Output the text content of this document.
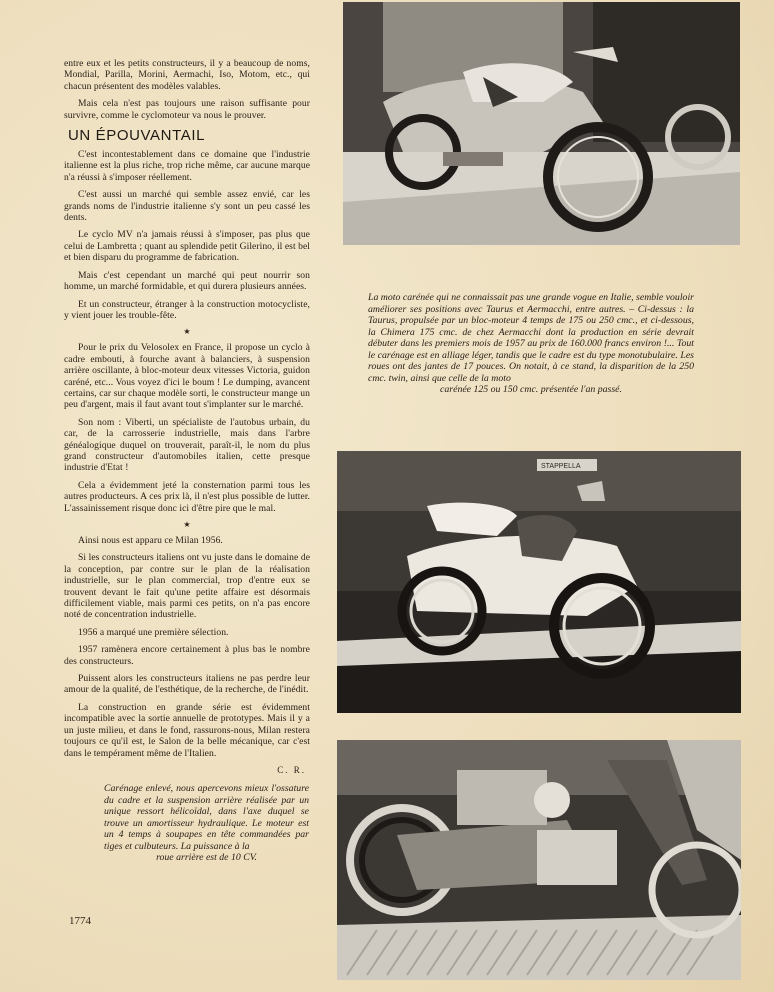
entre eux et les petits constructeurs, il y a beaucoup de noms, Mondial, Parilla, Morini, Aermachi, Iso, Motom, etc., qui chacun présentent des modèles valables.

Mais cela n'est pas toujours une raison suffisante pour survivre, comme le cyclomoteur va nous le prouver.

UN ÉPOUVANTAIL

C'est incontestablement dans ce domaine que l'industrie italienne est la plus riche, trop riche même, car aucune marque n'a réussi à s'imposer réellement.

C'est aussi un marché qui semble assez envié, car les grands noms de l'industrie italienne s'y sont un peu cassé les dents.

Le cyclo MV n'a jamais réussi à s'imposer, pas plus que celui de Lambretta ; quant au splendide petit Gilerino, il est bel et bien disparu du programme de fabrication.

Mais c'est cependant un marché qui peut nourrir son homme, un marché formidable, et qui durera plusieurs années.

Et un constructeur, étranger à la construction motocycliste, y vient jouer les trouble-fête.

★

Pour le prix du Velosolex en France, il propose un cyclo à cadre embouti, à fourche avant à balanciers, à suspension arrière oscillante, à bloc-moteur deux vitesses Victoria, guidon caréné, etc... Vous voyez d'ici le boum ! Le dumping, avancent certains, car sur chaque modèle sorti, le constructeur mange un peu d'argent, mais il faut avant tout s'implanter sur le marché.

Son nom : Viberti, un spécialiste de l'autobus urbain, du car, de la carrosserie industrielle, mais dans l'arbre généalogique duquel on trouverait, paraît-il, le nom du plus grand constructeur d'automobiles italien, cette presque industrie d'Etat !

Cela a évidemment jeté la consternation parmi tous les autres producteurs. A ces prix là, il n'est plus possible de lutter. L'assainissement risque donc ici d'être pire que le mal.

★

Ainsi nous est apparu ce Milan 1956.

Si les constructeurs italiens ont vu juste dans le domaine de la conception, par contre sur le plan de la réalisation industrielle, sur le plan commercial, trop d'entre eux se trouvent devant le fait qu'une petite affaire est désormais difficilement viable, mais parmi ces petits, on n'a pas encore noté de concentration industrielle.

1956 a marqué une première sélection.

1957 ramènera encore certainement à plus bas le nombre des constructeurs.

Puissent alors les constructeurs italiens ne pas perdre leur amour de la qualité, de l'esthétique, de la recherche, de l'inédit.

La construction en grande série est évidemment incompatible avec la sortie annuelle de prototypes. Mais il y a un juste milieu, et dans le fond, rassurons-nous, Milan restera toujours ce qu'il est, le Salon de la belle mécanique, car c'est dans le tempérament même de l'Italien.

C. R.

Carénage enlevé, nous apercevons mieux l'ossature du cadre et la suspension arrière réalisée par un unique ressort hélicoïdal, dans l'axe duquel se trouve un amortisseur hydraulique. Le moteur est un 4 temps à soupapes en tête commandées par tiges et culbuteurs. La puissance à la
roue arrière est de 10 CV.

1774

La moto carénée qui ne connaissait pas une grande vogue en Italie, semble vouloir améliorer ses positions avec Taurus et Aermacchi, entre autres. – Ci-dessus : la Taurus, propulsée par un bloc-moteur 4 temps de 175 ou 250 cmc., et ci-dessous, la Chimera 175 cmc. de chez Aermacchi dont la production en série devrait débuter dans les premiers mois de 1957 au prix de 160.000 francs environ !... Tout le carénage est en alliage léger, tandis que le cadre est du type monotubulaire. Les roues ont des jantes de 17 pouces. On notait, à ce stand, la disparition de la 250 cmc. twin, ainsi que celle de la moto
carénée 125 ou 150 cmc. présentée l'an passé.

STAPPELLA
